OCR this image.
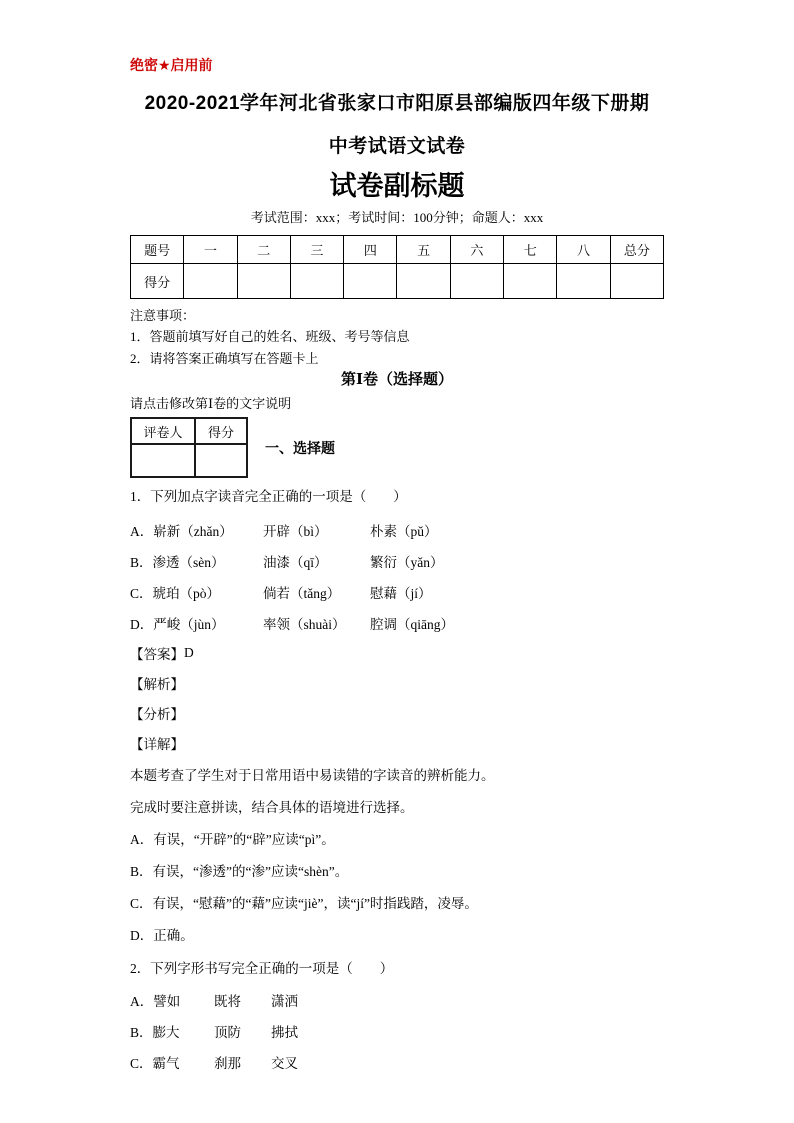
绝密★启用前
2020-2021学年河北省张家口市阳原县部编版四年级下册期
中考试语文试卷
试卷副标题
考试范围：xxx；考试时间：100分钟；命题人：xxx
题号	一	二	三	四	五	六	七	八	总分
得分									
注意事项：
1．答题前填写好自己的姓名、班级、考号等信息
2．请将答案正确填写在答题卡上
第Ⅰ卷（选择题）
请点击修改第Ⅰ卷的文字说明
评卷人	得分

一、选择题
1．下列加点字读音完全正确的一项是（　　）
A．崭新（zhǎn）	开辟（bì）	朴素（pǔ）
B．渗透（sèn）	油漆（qī）	繁衍（yǎn）
C．琥珀（pò）	倘若（tǎng）	慰藉（jí）
D．严峻（jùn）	率领（shuài）	腔调（qiāng）
【答案】 D
【解析】
【分析】
【详解】
本题考查了学生对于日常用语中易读错的字读音的辨析能力。
完成时要注意拼读，结合具体的语境进行选择。
A．有误，“开辟”的“辟”应读“pì”。
B．有误，“渗透”的“渗”应读“shèn”。
C．有误，“慰藉”的“藉”应读“jiè”，读“jí”时指践踏，凌辱。
D．正确。
2．下列字形书写完全正确的一项是（　　）
A．譬如	既将	潇洒
B．膨大	顶防	拂拭
C．霸气	刹那	交叉
